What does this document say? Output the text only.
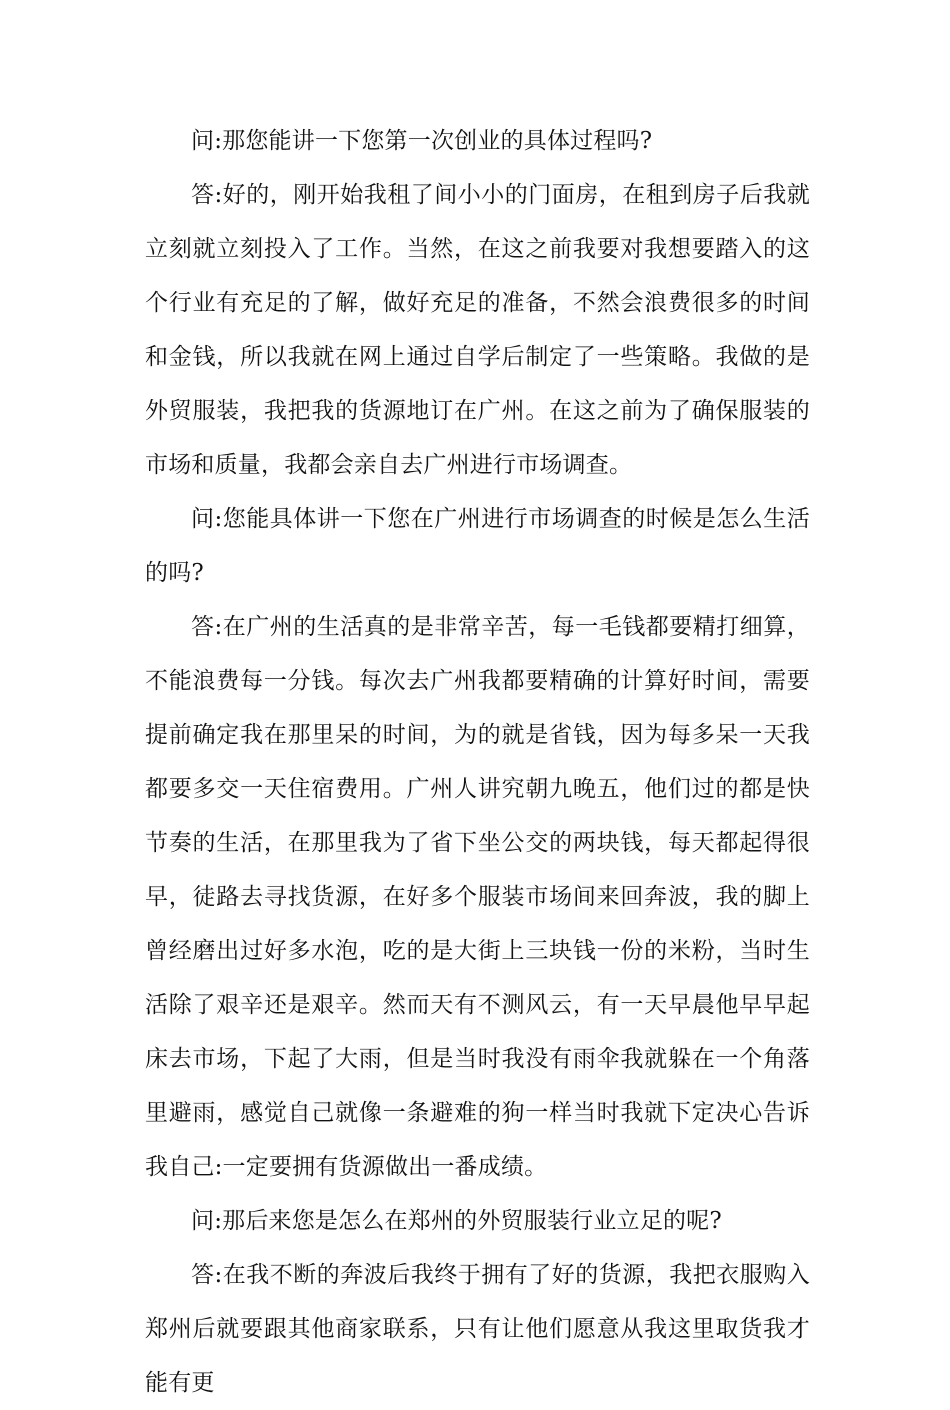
问:那您能讲一下您第一次创业的具体过程吗?

答:好的，刚开始我租了间小小的门面房，在租到房子后我就立刻就立刻投入了工作。当然，在这之前我要对我想要踏入的这个行业有充足的了解，做好充足的准备，不然会浪费很多的时间和金钱，所以我就在网上通过自学后制定了一些策略。我做的是外贸服装，我把我的货源地订在广州。在这之前为了确保服装的市场和质量，我都会亲自去广州进行市场调查。

问:您能具体讲一下您在广州进行市场调查的时候是怎么生活的吗?

答:在广州的生活真的是非常辛苦，每一毛钱都要精打细算，不能浪费每一分钱。每次去广州我都要精确的计算好时间，需要提前确定我在那里呆的时间，为的就是省钱，因为每多呆一天我都要多交一天住宿费用。广州人讲究朝九晚五，他们过的都是快节奏的生活，在那里我为了省下坐公交的两块钱，每天都起得很早，徒路去寻找货源，在好多个服装市场间来回奔波，我的脚上曾经磨出过好多水泡，吃的是大街上三块钱一份的米粉，当时生活除了艰辛还是艰辛。然而天有不测风云，有一天早晨他早早起床去市场，下起了大雨，但是当时我没有雨伞我就躲在一个角落里避雨，感觉自己就像一条避难的狗一样当时我就下定决心告诉我自己:一定要拥有货源做出一番成绩。

问:那后来您是怎么在郑州的外贸服装行业立足的呢?

答:在我不断的奔波后我终于拥有了好的货源，我把衣服购入郑州后就要跟其他商家联系，只有让他们愿意从我这里取货我才能有更
